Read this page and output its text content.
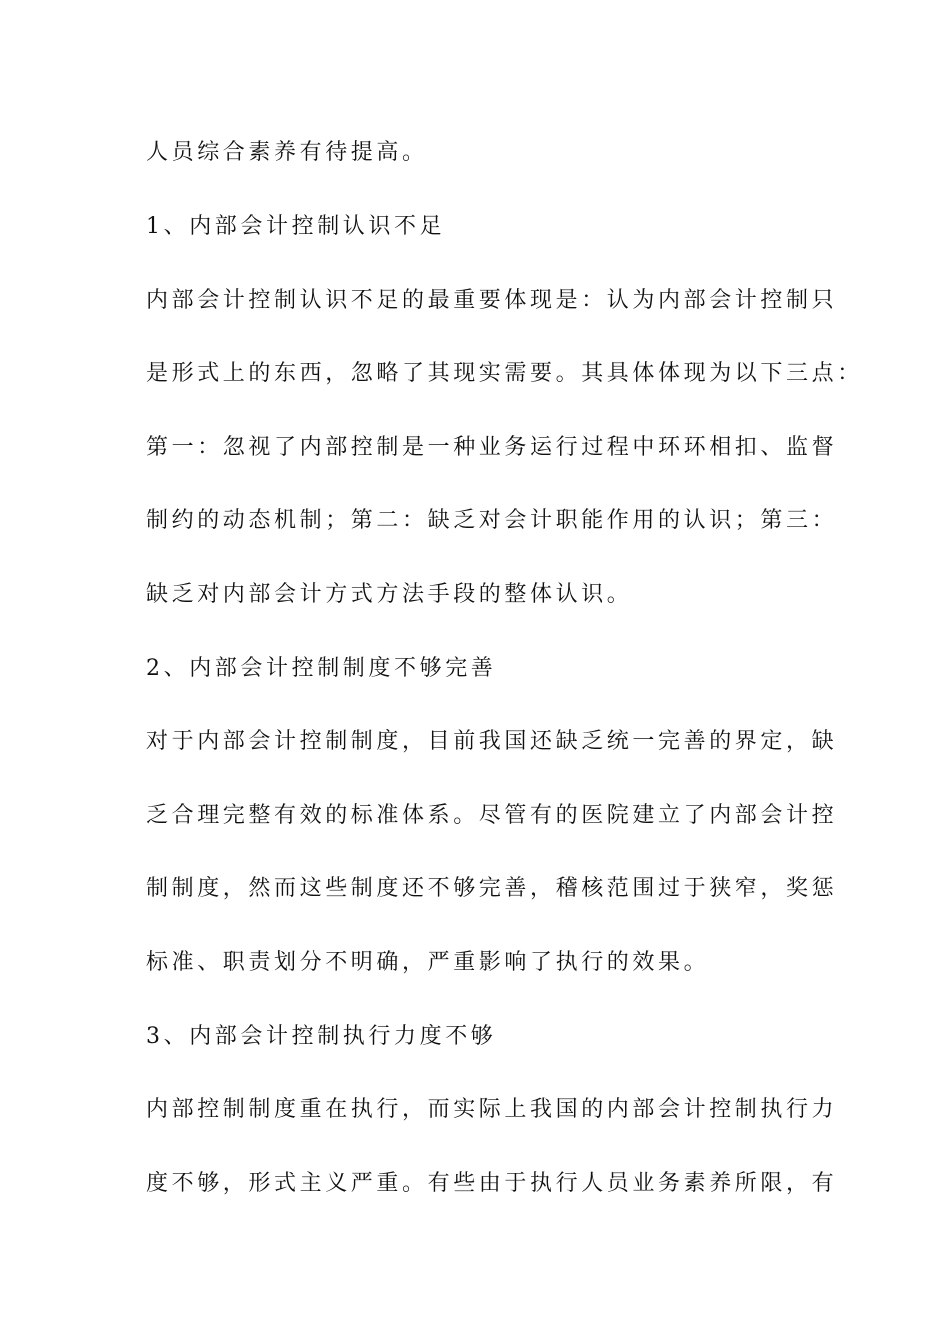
人员综合素养有待提高。

1、内部会计控制认识不足

内部会计控制认识不足的最重要体现是：认为内部会计控制只

是形式上的东西，忽略了其现实需要。其具体体现为以下三点：

第一：忽视了内部控制是一种业务运行过程中环环相扣、监督

制约的动态机制；第二：缺乏对会计职能作用的认识；第三：

缺乏对内部会计方式方法手段的整体认识。

2、内部会计控制制度不够完善

对于内部会计控制制度，目前我国还缺乏统一完善的界定，缺

乏合理完整有效的标准体系。尽管有的医院建立了内部会计控

制制度，然而这些制度还不够完善，稽核范围过于狭窄，奖惩

标准、职责划分不明确，严重影响了执行的效果。

3、内部会计控制执行力度不够

内部控制制度重在执行，而实际上我国的内部会计控制执行力

度不够，形式主义严重。有些由于执行人员业务素养所限，有
